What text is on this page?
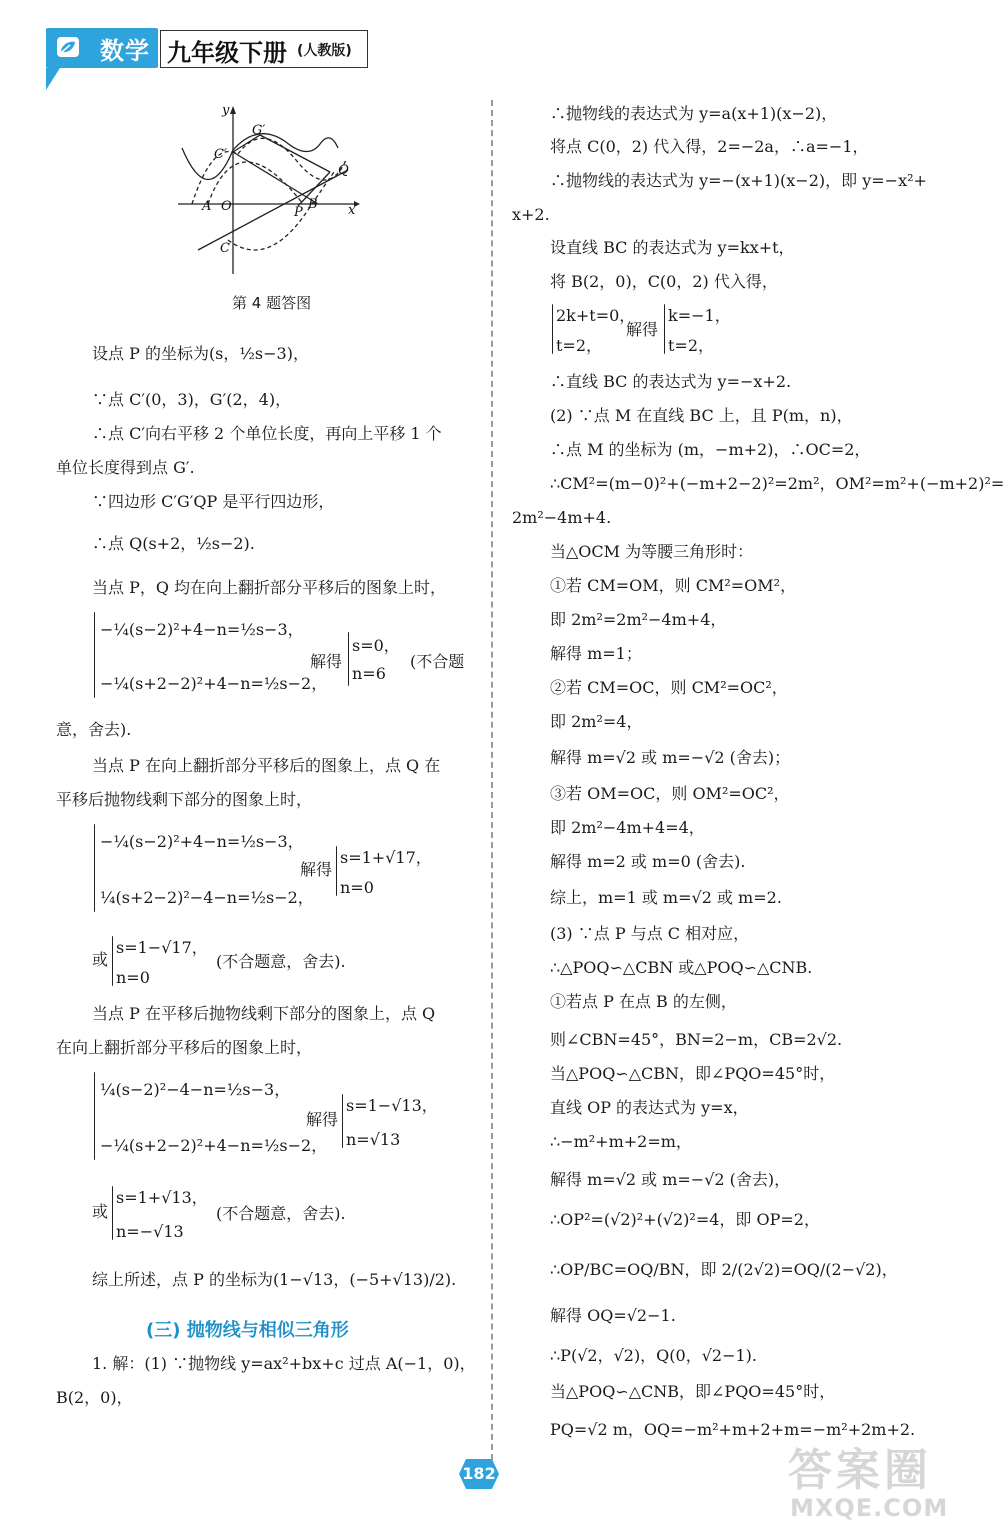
数学 九年级下册 (人教版)
y
G′
C′
Q
A O	P
B x
C
第 4 题答图
设点 P 的坐标为(s，½s−3)，
∵点 C′(0，3)，G′(2，4)，
∴点 C′向右平移 2 个单位长度，再向上平移 1 个
单位长度得到点 G′.
∵四边形 C′G′QP 是平行四边形，
∴点 Q(s+2，½s−2).
当点 P，Q 均在向上翻折部分平移后的图象上时，
−¼(s−2)²+4−n=½s−3，
−¼(s+2−2)²+4−n=½s−2，
解得
s=0，
n=6
(不合题
意，舍去).
当点 P 在向上翻折部分平移后的图象上，点 Q 在
平移后抛物线剩下部分的图象上时，
−¼(s−2)²+4−n=½s−3，
¼(s+2−2)²−4−n=½s−2，
解得
s=1+√17，
n=0
或
s=1−√17，
n=0
(不合题意，舍去).
当点 P 在平移后抛物线剩下部分的图象上，点 Q
在向上翻折部分平移后的图象上时，
¼(s−2)²−4−n=½s−3，
−¼(s+2−2)²+4−n=½s−2，
解得
s=1−√13，
n=√13
或
s=1+√13，
n=−√13
(不合题意，舍去).
综上所述，点 P 的坐标为(1−√13，(−5+√13)/2).
(三) 抛物线与相似三角形
1. 解：(1) ∵抛物线 y=ax²+bx+c 过点 A(−1，0)，
B(2，0)，
∴抛物线的表达式为 y=a(x+1)(x−2)，
将点 C(0，2) 代入得，2=−2a，∴a=−1，
∴抛物线的表达式为 y=−(x+1)(x−2)，即 y=−x²+
x+2.
设直线 BC 的表达式为 y=kx+t，
将 B(2，0)，C(0，2) 代入得，
2k+t=0，
t=2，
解得
k=−1，
t=2，
∴直线 BC 的表达式为 y=−x+2.
(2) ∵点 M 在直线 BC 上，且 P(m，n)，
∴点 M 的坐标为 (m，−m+2)，∴OC=2，
∴CM²=(m−0)²+(−m+2−2)²=2m²，OM²=m²+(−m+2)²=
2m²−4m+4.
当△OCM 为等腰三角形时：
①若 CM=OM，则 CM²=OM²，
即 2m²=2m²−4m+4，
解得 m=1；
②若 CM=OC，则 CM²=OC²，
即 2m²=4，
解得 m=√2 或 m=−√2 (舍去)；
③若 OM=OC，则 OM²=OC²，
即 2m²−4m+4=4，
解得 m=2 或 m=0 (舍去).
综上，m=1 或 m=√2 或 m=2.
(3) ∵点 P 与点 C 相对应，
∴△POQ∽△CBN 或△POQ∽△CNB.
①若点 P 在点 B 的左侧，
则∠CBN=45°，BN=2−m，CB=2√2.
当△POQ∽△CBN，即∠PQO=45°时，
直线 OP 的表达式为 y=x，
∴−m²+m+2=m，
解得 m=√2 或 m=−√2 (舍去)，
∴OP²=(√2)²+(√2)²=4，即 OP=2，
∴OP/BC=OQ/BN，即 2/(2√2)=OQ/(2−√2)，
解得 OQ=√2−1.
∴P(√2，√2)，Q(0，√2−1).
当△POQ∽△CNB，即∠PQO=45°时，
PQ=√2 m，OQ=−m²+m+2+m=−m²+2m+2.
182	答案圈
MXQE.COM
